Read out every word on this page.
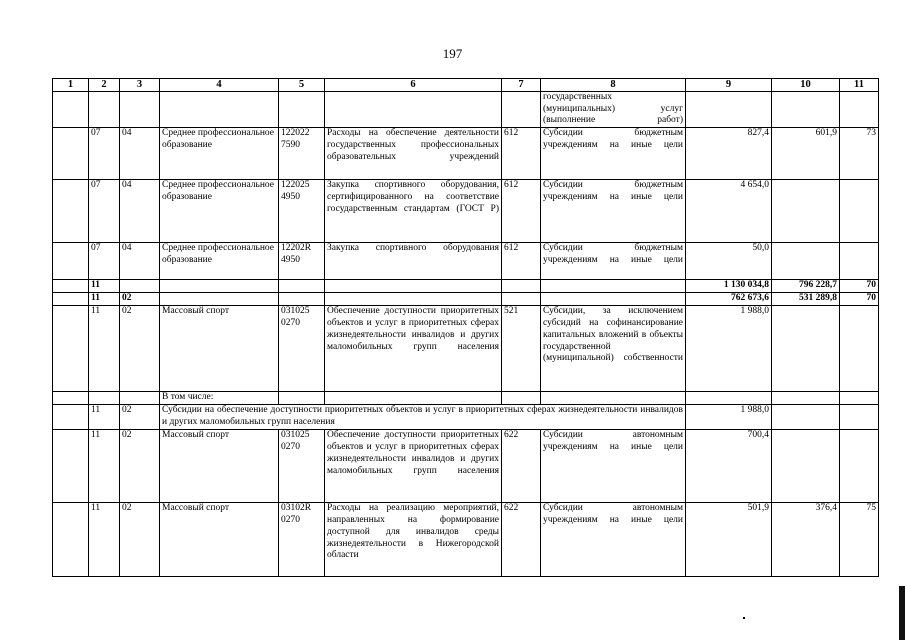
197
1	2	3	4	5	6	7	8	9	10	11
							государственных (муниципальных) услуг (выполнение работ)			
	07	04	Среднее профессиональное образование	122022 7590	Расходы на обеспечение деятельности государственных профессиональных образовательных учреждений	612	Субсидии бюджетным учреждениям на иные цели	827,4	601,9	73
	07	04	Среднее профессиональное образование	122025 4950	Закупка спортивного оборудования, сертифицированного на соответствие государственным стандартам (ГОСТ Р)	612	Субсидии бюджетным учреждениям на иные цели	4 654,0		
	07	04	Среднее профессиональное образование	12202R 4950	Закупка спортивного оборудования	612	Субсидии бюджетным учреждениям на иные цели	50,0		
	11							1 130 034,8	796 228,7	70
	11	02						762 673,6	531 289,8	70
	11	02	Массовый спорт	031025 0270	Обеспечение доступности приоритетных объектов и услуг в приоритетных сферах жизнедеятельности инвалидов и других маломобильных групп населения	521	Субсидии, за исключением субсидий на софинансирование капитальных вложений в объекты государственной (муниципальной) собственности	1 988,0		
			В том числе:							
	11	02	Субсидии на обеспечение доступности приоритетных объектов и услуг в приоритетных сферах жизнедеятельности инвалидов и других маломобильных групп населения					1 988,0		
	11	02	Массовый спорт	031025 0270	Обеспечение доступности приоритетных объектов и услуг в приоритетных сферах жизнедеятельности инвалидов и других маломобильных групп населения	622	Субсидии автономным учреждениям на иные цели	700,4		
	11	02	Массовый спорт	03102R 0270	Расходы на реализацию мероприятий, направленных на формирование доступной для инвалидов среды жизнедеятельности в Нижегородской области	622	Субсидии автономным учреждениям на иные цели	501,9	376,4	75
